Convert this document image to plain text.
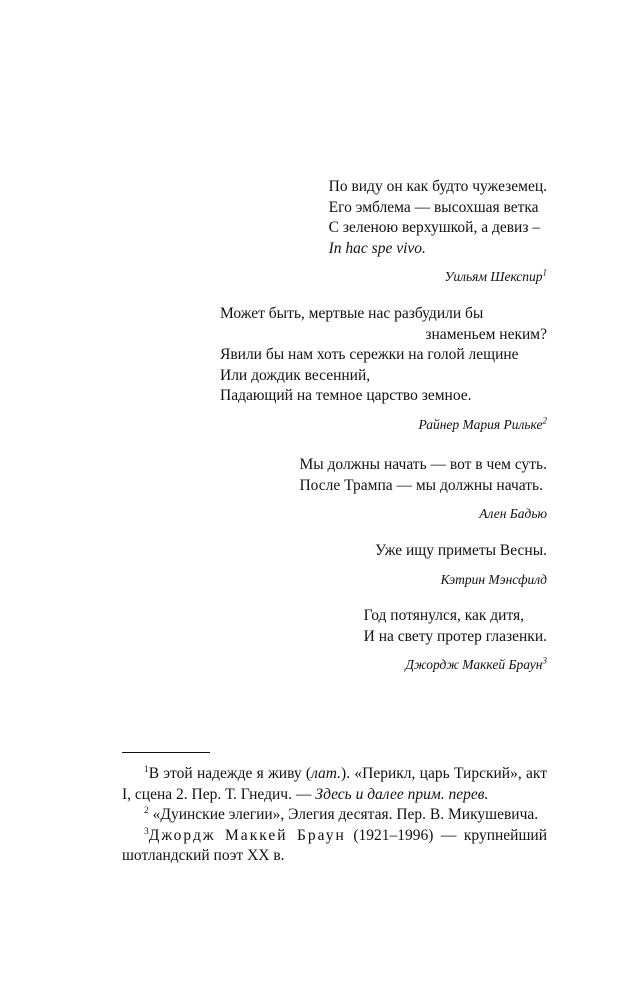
По виду он как будто чужеземец.
Его эмблема — высохшая ветка
С зеленою верхушкой, а девиз –
In hac spe vivo.
Уильям Шекспир$^1$
Может быть, мертвые нас разбудили бы
знаменьем неким?
Явили бы нам хоть сережки на голой лещине
Или дождик весенний,
Падающий на темное царство земное.
Райнер Мария Рильке$^2$
Мы должны начать — вот в чем суть.
После Трампа — мы должны начать.
Ален Бадью
Уже ищу приметы Весны.
Кэтрин Мэнсфилд
Год потянулся, как дитя,
И на свету протер глазенки.
Джордж Маккей Браун$^3$

$^1$В этой надежде я живу (лат.). «Перикл, царь Тирский», акт I, сцена 2. Пер. Т. Гнедич. — Здесь и далее прим. перев.

$^2$ «Дуинские элегии», Элегия десятая. Пер. В. Микушевича.

$^3$Джордж Маккей Браун (1921–1996) — крупнейший шотландский поэт XX в.
